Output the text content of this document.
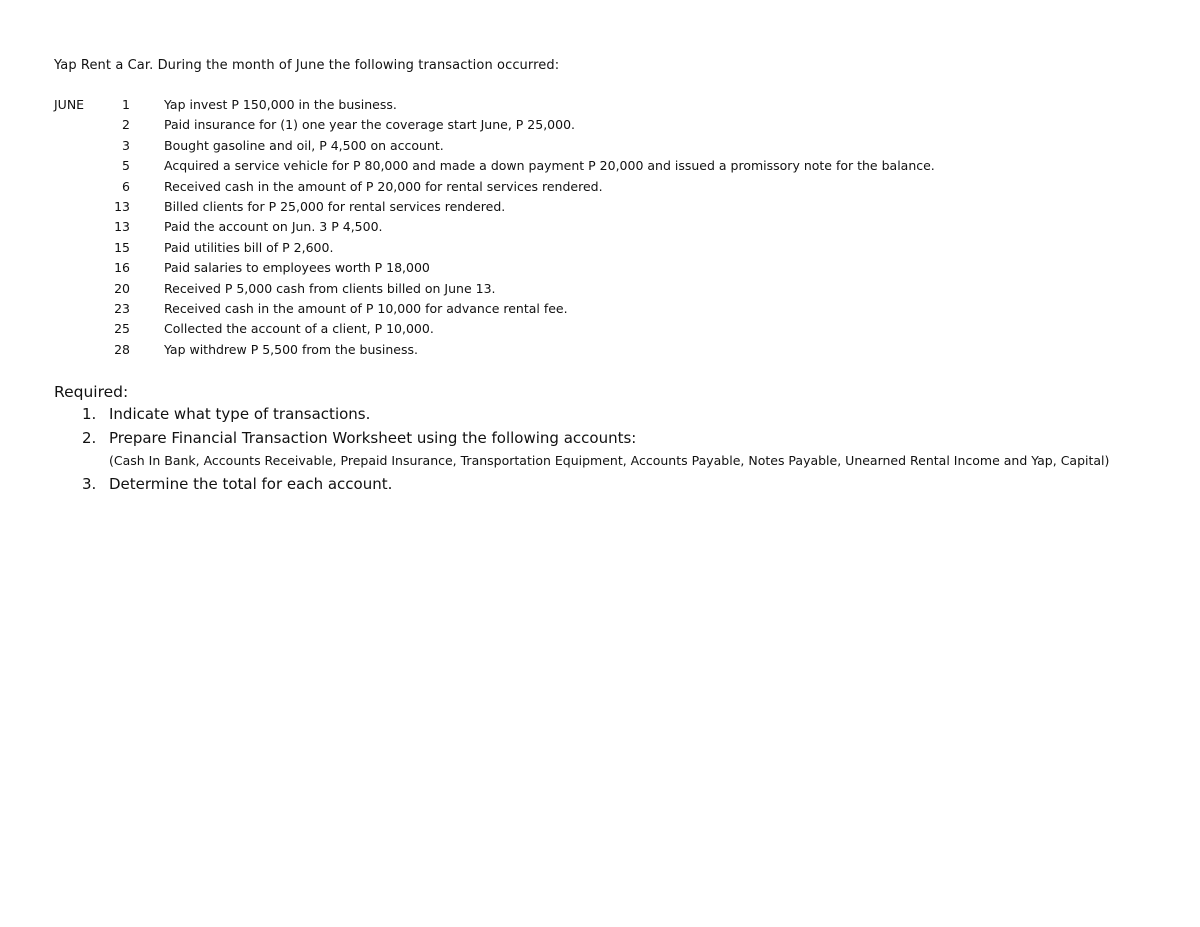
Yap Rent a Car. During the month of June the following transaction occurred:
JUNE	1	Yap invest P 150,000 in the business.
2	Paid insurance for (1) one year the coverage start June, P 25,000.
3	Bought gasoline and oil, P 4,500 on account.
5	Acquired a service vehicle for P 80,000 and made a down payment P 20,000 and issued a promissory note for the balance.
6	Received cash in the amount of P 20,000 for rental services rendered.
13	Billed clients for P 25,000 for rental services rendered.
13	Paid the account on Jun. 3 P 4,500.
15	Paid utilities bill of P 2,600.
16	Paid salaries to employees worth P 18,000
20	Received P 5,000 cash from clients billed on June 13.
23	Received cash in the amount of P 10,000 for advance rental fee.
25	Collected the account of a client, P 10,000.
28	Yap withdrew P 5,500 from the business.
Required:
1. Indicate what type of transactions.
2. Prepare Financial Transaction Worksheet using the following accounts:
(Cash In Bank, Accounts Receivable, Prepaid Insurance, Transportation Equipment, Accounts Payable, Notes Payable, Unearned Rental Income and Yap, Capital)
3. Determine the total for each account.
